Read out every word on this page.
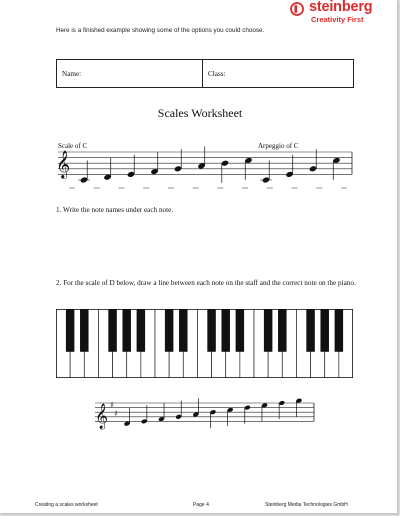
steinberg
Creativity First
Here is a finished example showing some of the options you could choose.
Name:	Class:
Scales Worksheet
Scale of C	Arpeggio of C
𝄞
1. Write the note names under each note.
2. For the scale of D below, draw a line between each note on the staff and the correct note on the piano.
𝄞 ♯
♯
Creating a scales worksheet	Page 4	Steinberg Media Technologies GmbH
